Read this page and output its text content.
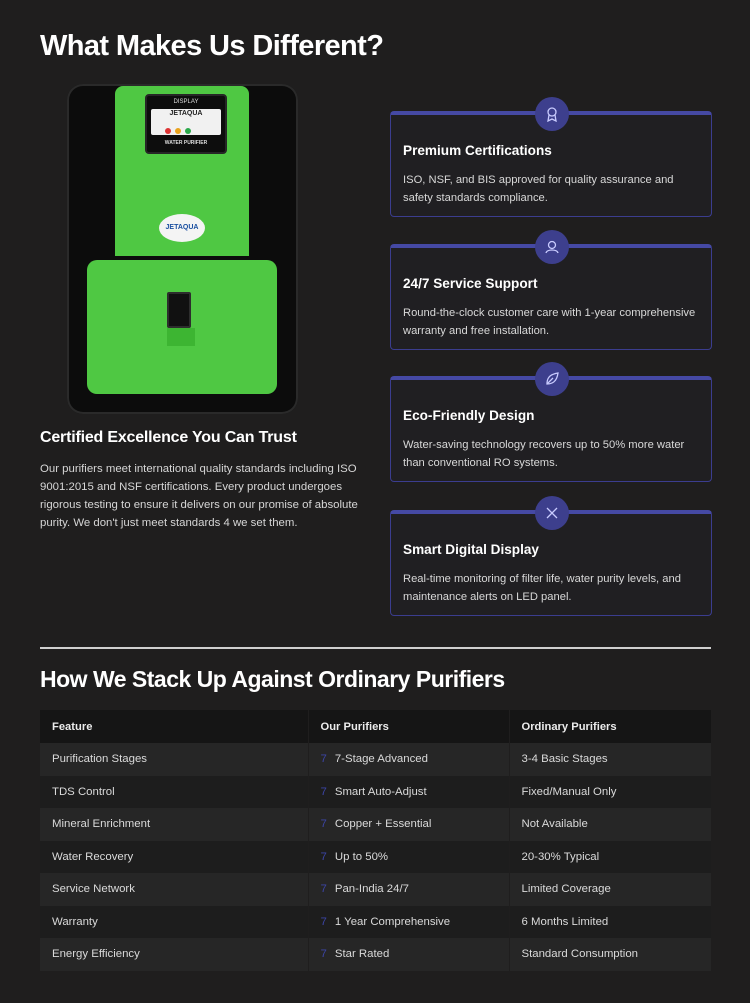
What Makes Us Different?
DISPLAY
JETAQUA
WATER PURIFIER
JETAQUA
Certified Excellence You Can Trust
Our purifiers meet international quality standards including ISO 9001:2015 and NSF certifications. Every product undergoes rigorous testing to ensure it delivers on our promise of absolute purity. We don't just meet standards 4 we set them.
Premium Certifications
ISO, NSF, and BIS approved for quality assurance and safety standards compliance.
24/7 Service Support
Round-the-clock customer care with 1-year comprehensive warranty and free installation.
Eco-Friendly Design
Water-saving technology recovers up to 50% more water than conventional RO systems.
Smart Digital Display
Real-time monitoring of filter life, water purity levels, and maintenance alerts on LED panel.
How We Stack Up Against Ordinary Purifiers
Feature	Our Purifiers	Ordinary Purifiers
Purification Stages	7 7-Stage Advanced	3-4 Basic Stages
TDS Control	7 Smart Auto-Adjust	Fixed/Manual Only
Mineral Enrichment	7 Copper + Essential	Not Available
Water Recovery	7 Up to 50%	20-30% Typical
Service Network	7 Pan-India 24/7	Limited Coverage
Warranty	7 1 Year Comprehensive	6 Months Limited
Energy Efficiency	7 Star Rated	Standard Consumption
